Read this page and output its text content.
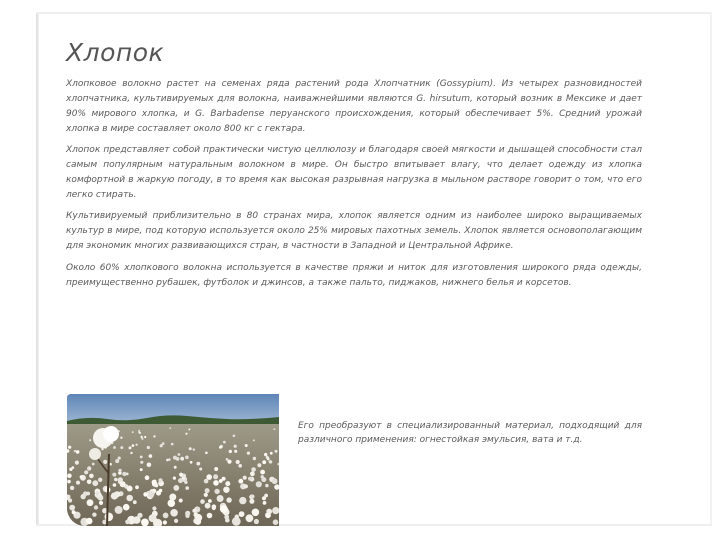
Хлопок

Хлопковое волокно растет на семенах ряда растений рода Хлопчатник (Gossypium). Из четырех разновидностей хлопчатника, культивируемых для волокна, наиважнейшими являются G. hirsutum, который возник в Мексике и дает 90% мирового хлопка, и G. Barbadense перуанского происхождения, который обеспечивает 5%. Средний урожай хлопка в мире составляет около 800 кг с гектара.

Хлопок представляет собой практически чистую целлюлозу и благодаря своей мягкости и дышащей способности стал самым популярным натуральным волокном в мире. Он быстро впитывает влагу, что делает одежду из хлопка комфортной в жаркую погоду, в то время как высокая разрывная нагрузка в мыльном растворе говорит о том, что его легко стирать.

Культивируемый приблизительно в 80 странах мира, хлопок является одним из наиболее широко выращиваемых культур в мире, под которую используется около 25% мировых пахотных земель. Хлопок является основополагающим для экономик многих развивающихся стран, в частности в Западной и Центральной Африке.

Около 60% хлопкового волокна используется в качестве пряжи и ниток для изготовления широкого ряда одежды, преимущественно рубашек, футболок и джинсов, а также пальто, пиджаков, нижнего белья и корсетов.

Его преобразуют в специализированный материал, подходящий для различного применения: огнестойкая эмульсия, вата и т.д.
